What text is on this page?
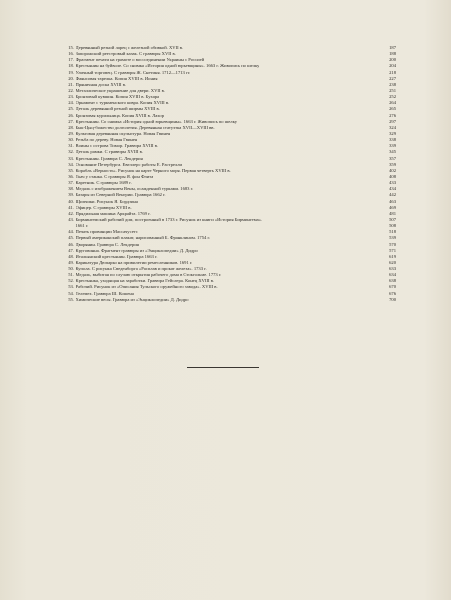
15. Деревянный резной ларец с железной обивкой. XVII в.	187
16. Запорожский реестровый казак. С гравюры XVII в.	188
17. Фрагмент печати на грамоте о воссоединении Украины с Россией	200
18. Крестьянин на буйволе. Со снимка «История одной юрьевщины». 1663 г. Живопись по шелку	204
19. Уличный торговец. С гравюры Ж. Снетиня. 1712—1713 гг.	218
20. Фаянсовая тарелка. Копия XVIII в. Иония	227
21. Пряничная доска XVIII в.	238
22. Металлическое украшение для двери. XVII в.	251
23. Бронзовый кувшин. Копия XVIII в. Бухара	252
24. Орнамент с туркменского ковра. Копия XVIII в.	264
25. Деталь деревянной резной ширмы XVIII в.	265
26. Бронзовая курильница. Копия XVIII в. Лахор	276
27. Крестьянин. Со снимка «История одной юрьевщины». 1663 г. Живопись по шелку	297
28. Бык-Цыц-божество долголетия. Деревянная статуэтка XVII—XVIII вв.	324
29. Культовая деревянная скульптура. Новая Гвинея	329
30. Резьба по дереву. Новая Гвинея	338
31. Воины с острова Тимор. Гравюра XVIII в.	339
32. Деталь рамки. С гравюры XVIII в.	345
33. Крестьянин. Гравюра С. Лекдерия	357
34. Основание Петербурга. Евеллерс работы Е. Растрелли	359
35. Корабль «Верность». Рисунок на карте Черного моря. Первая четверть XVIII в.	402
36. Ткач у станка. С гравюры Я. фон Флита	408
37. Каретник. С гравюры 1689 г.	433
38. Медаль с изображением Вены, осажденной турками. 1683 г.	434
39. Базары из Северной Венгрии. Гравюра 1662 г.	442
40. Щипчики. Рисунок Я. Бордзина	463
41. Офицер. С гравюры XVIII в.	469
42. Прядильная машина Аркрайта. 1769 г.	481
43. Бирмингемский рабочий дом, построенный в 1733 г. Рисунок из книги «История Бирмингема».	507
1661 г.	508
44. Печать провинции Массачусетс	518
45. Первый американский плакат, нарисованный Б. Франклином. 1754 г.	539
46. Дворянин. Гравюра С. Лекдерия	570
47. Круговинна. Фрагмент гравюры из «Энциклопедии» Д. Дидро	571
48. Итальянский крестьянин. Гравюра 1663 г.	619
49. Карикатура Дюпарко на привилегии ремесленников. 1691 г.	620
50. Купола. С рисунка Сведенборга «Расплав и прокат железа». 1733 г.	633
51. Медаль, выбитая по случаю открытия рабочего дома в Стокгольме. 1773 г.	634
52. Крестьянка, уходящая на заработки. Гравюра Гейслера. Конец XVIII в.	638
53. Рабочий. Рисунок из «Описания Тульского оружейного завода». XVIII в.	670
54. Телемех. Гравюра Ш. Кошена	676
55. Химические весы. Гравюра из «Энциклопедии» Д. Дидро	700
